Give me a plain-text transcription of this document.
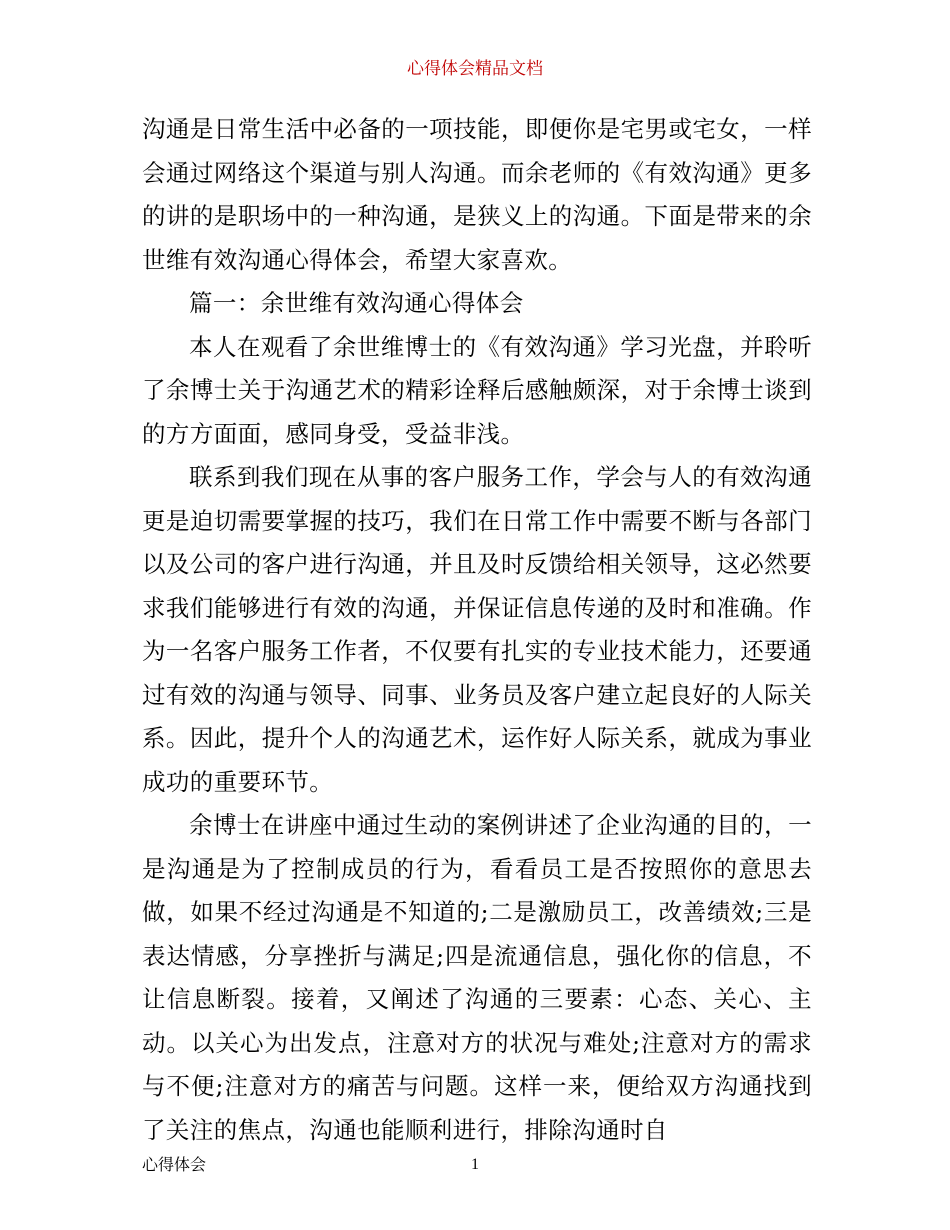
心得体会精品文档

沟通是日常生活中必备的一项技能，即便你是宅男或宅女，一样会通过网络这个渠道与别人沟通。而余老师的《有效沟通》更多的讲的是职场中的一种沟通，是狭义上的沟通。下面是带来的余世维有效沟通心得体会，希望大家喜欢。

篇一：余世维有效沟通心得体会

本人在观看了余世维博士的《有效沟通》学习光盘，并聆听了余博士关于沟通艺术的精彩诠释后感触颇深，对于余博士谈到的方方面面，感同身受，受益非浅。

联系到我们现在从事的客户服务工作，学会与人的有效沟通更是迫切需要掌握的技巧，我们在日常工作中需要不断与各部门以及公司的客户进行沟通，并且及时反馈给相关领导，这必然要求我们能够进行有效的沟通，并保证信息传递的及时和准确。作为一名客户服务工作者，不仅要有扎实的专业技术能力，还要通过有效的沟通与领导、同事、业务员及客户建立起良好的人际关系。因此，提升个人的沟通艺术，运作好人际关系，就成为事业成功的重要环节。

余博士在讲座中通过生动的案例讲述了企业沟通的目的，一是沟通是为了控制成员的行为，看看员工是否按照你的意思去做，如果不经过沟通是不知道的;二是激励员工，改善绩效;三是表达情感，分享挫折与满足;四是流通信息，强化你的信息，不让信息断裂。接着，又阐述了沟通的三要素：心态、关心、主动。以关心为出发点，注意对方的状况与难处;注意对方的需求与不便;注意对方的痛苦与问题。这样一来，便给双方沟通找到了关注的焦点，沟通也能顺利进行，排除沟通时自

心得体会	1
